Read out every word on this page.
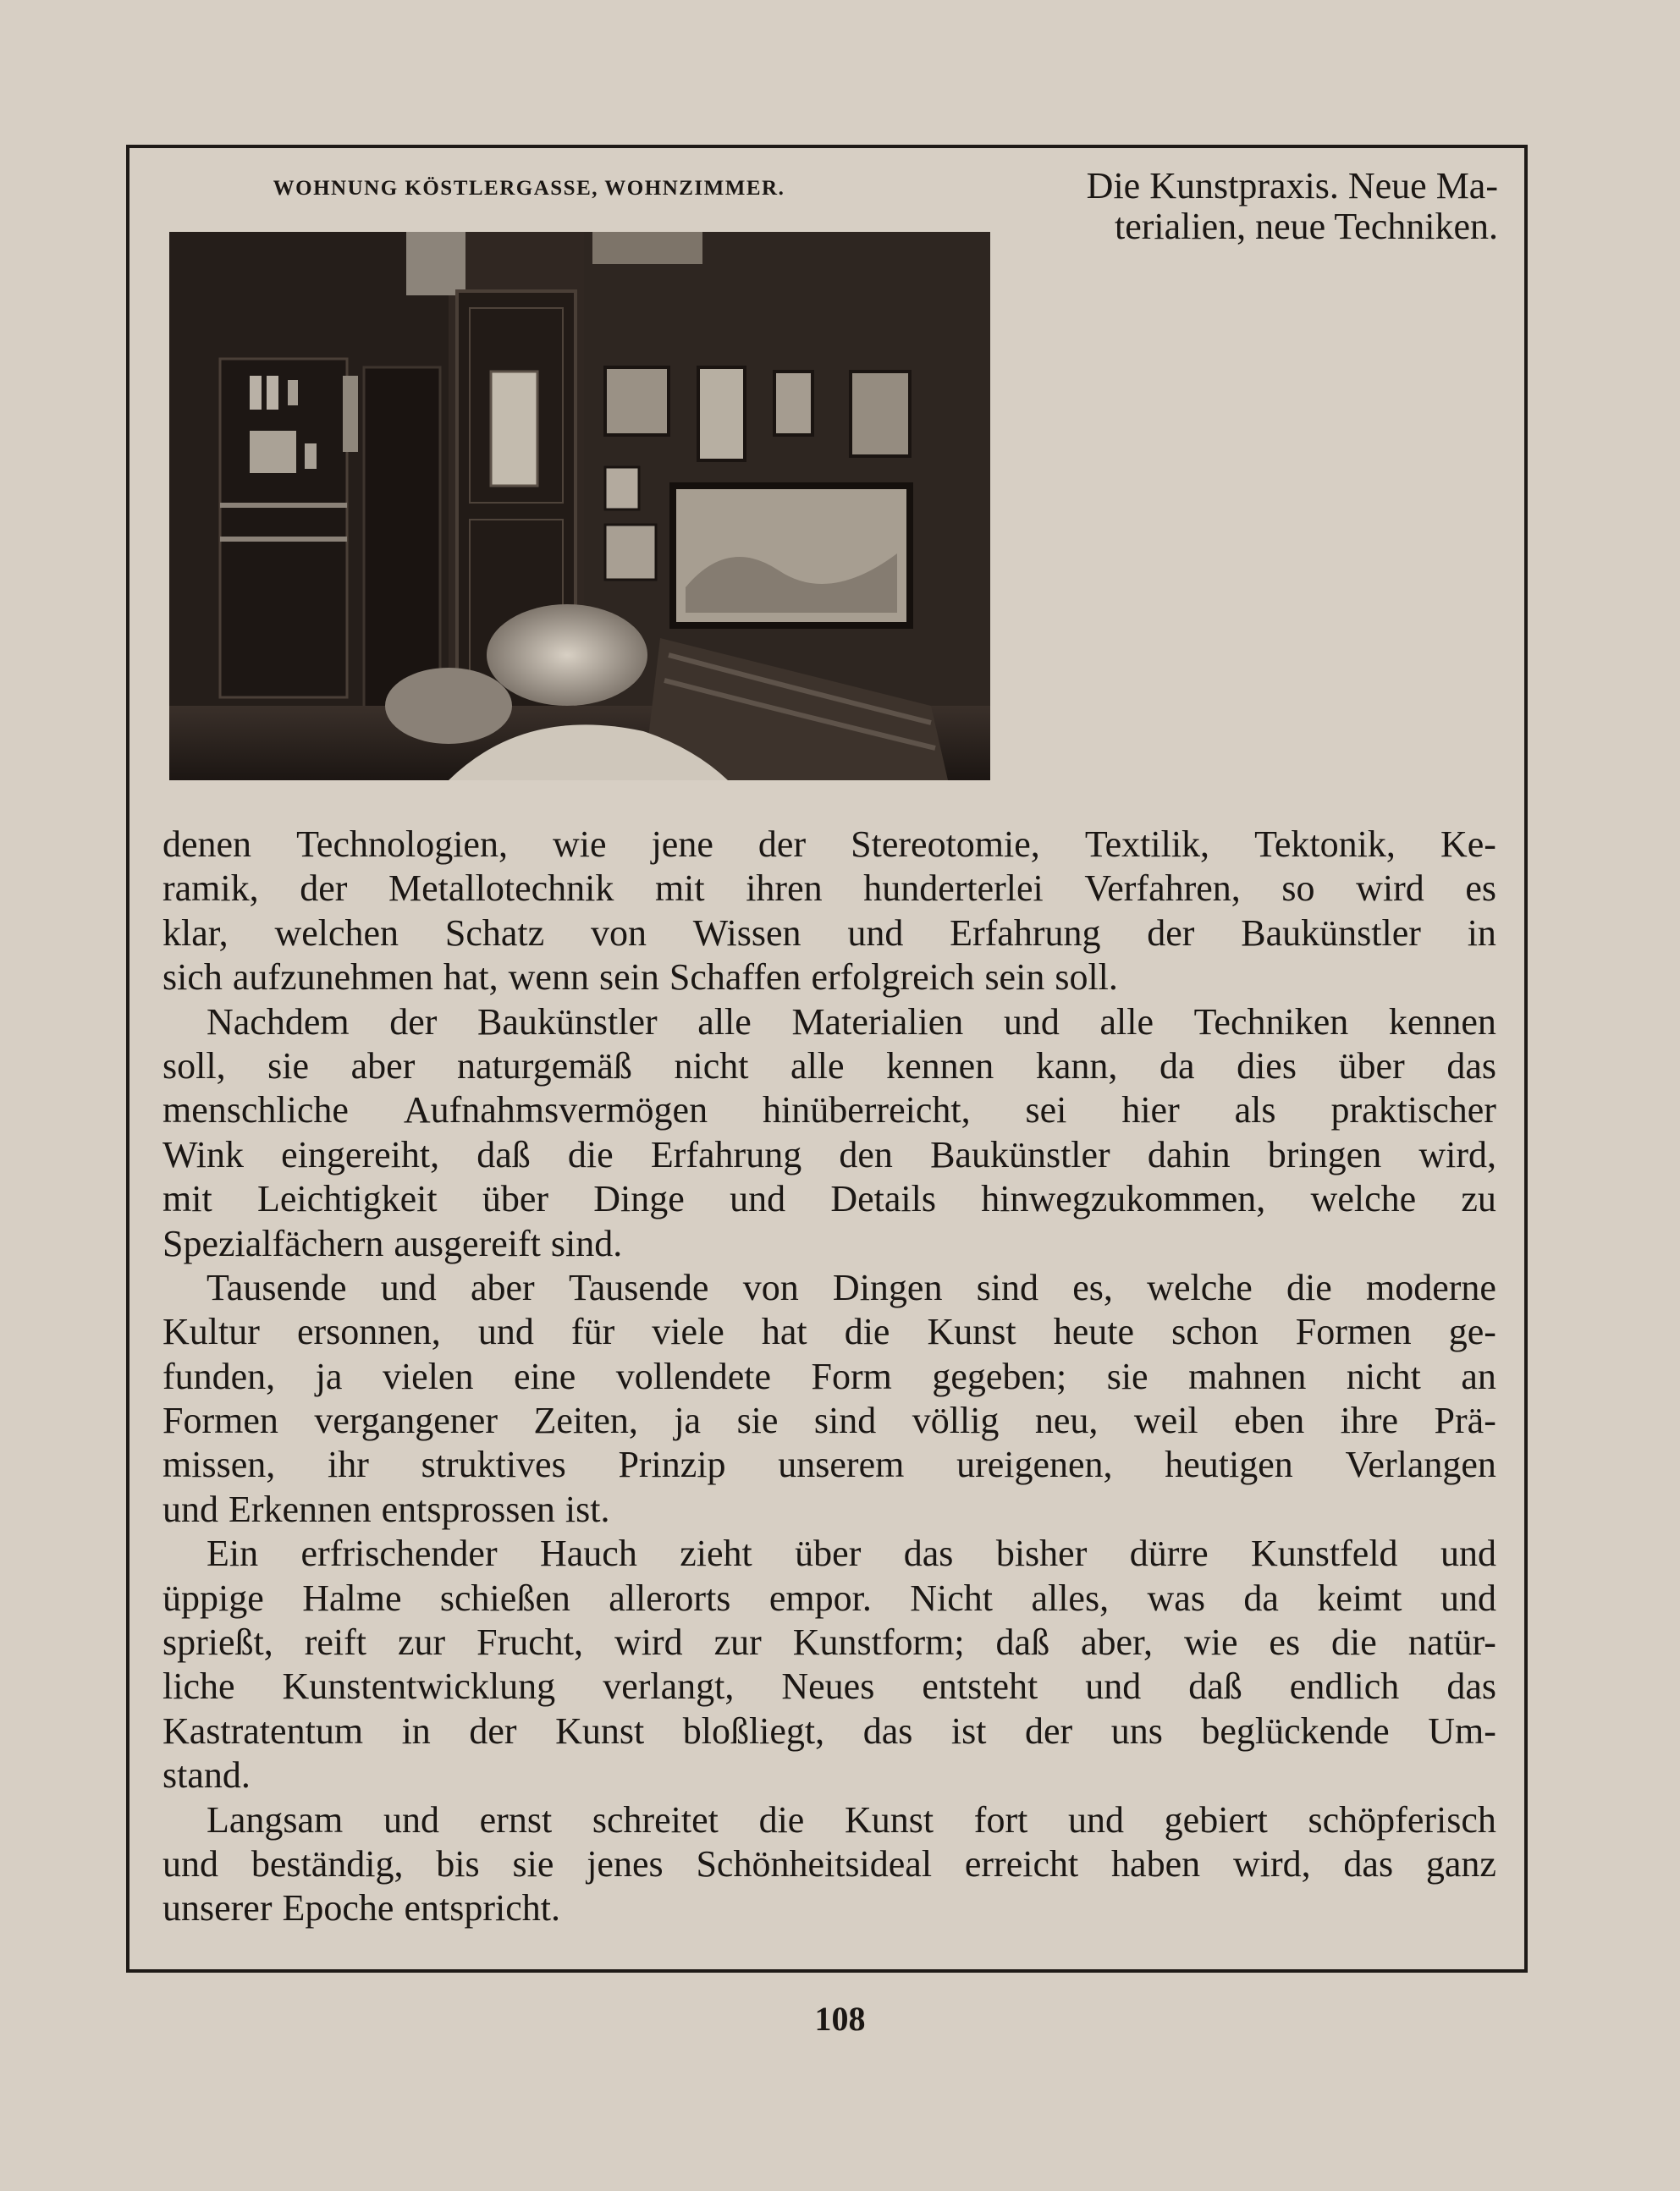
WOHNUNG KÖSTLERGASSE, WOHNZIMMER.	Die Kunstpraxis. Neue Ma-
terialien, neue Techniken.
denen Technologien, wie jene der Stereotomie, Textilik, Tektonik, Ke-
ramik, der Metallotechnik mit ihren hunderterlei Verfahren, so wird es
klar, welchen Schatz von Wissen und Erfahrung der Baukünstler in
sich aufzunehmen hat, wenn sein Schaffen erfolgreich sein soll.
Nachdem der Baukünstler alle Materialien und alle Techniken kennen
soll, sie aber naturgemäß nicht alle kennen kann, da dies über das
menschliche Aufnahmsvermögen hinüberreicht, sei hier als praktischer
Wink eingereiht, daß die Erfahrung den Baukünstler dahin bringen wird,
mit Leichtigkeit über Dinge und Details hinwegzukommen, welche zu
Spezialfächern ausgereift sind.
Tausende und aber Tausende von Dingen sind es, welche die moderne
Kultur ersonnen, und für viele hat die Kunst heute schon Formen ge-
funden, ja vielen eine vollendete Form gegeben; sie mahnen nicht an
Formen vergangener Zeiten, ja sie sind völlig neu, weil eben ihre Prä-
missen, ihr struktives Prinzip unserem ureigenen, heutigen Verlangen
und Erkennen entsprossen ist.
Ein erfrischender Hauch zieht über das bisher dürre Kunstfeld und
üppige Halme schießen allerorts empor. Nicht alles, was da keimt und
sprießt, reift zur Frucht, wird zur Kunstform; daß aber, wie es die natür-
liche Kunstentwicklung verlangt, Neues entsteht und daß endlich das
Kastratentum in der Kunst bloßliegt, das ist der uns beglückende Um-
stand.
Langsam und ernst schreitet die Kunst fort und gebiert schöpferisch
und beständig, bis sie jenes Schönheitsideal erreicht haben wird, das ganz
unserer Epoche entspricht.
108
